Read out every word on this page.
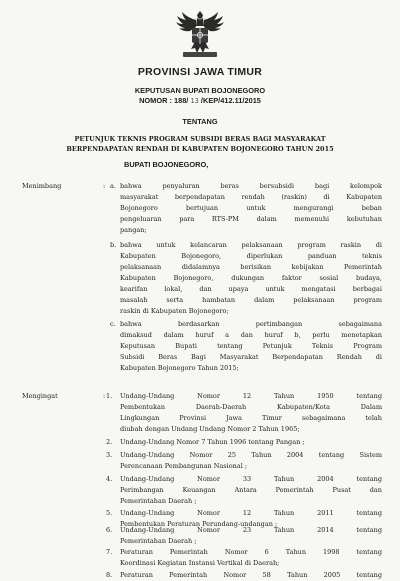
PROVINSI JAWA TIMUR
KEPUTUSAN BUPATI BOJONEGORO
NOMOR : 188/ 13 /KEP/412.11/2015
TENTANG
PETUNJUK TEKNIS PROGRAM SUBSIDI BERAS BAGI MASYARAKAT
BERPENDAPATAN RENDAH DI KABUPATEN BOJONEGORO TAHUN 2015
BUPATI BOJONEGORO,
Menimbang	: a. bahwa penyaluran beras bersubsidi bagi kelompok

masyarakat berpendapatan rendah (raskin) di Kabupaten

Bojonegoro bertujuan untuk mengurangi beban

pengeluaran para RTS-PM dalam memenuhi kebutuhan

pangan;

b. bahwa untuk kelancaran pelaksanaan program raskin di

Kabupaten Bojonegoro, diperlukan panduan teknis

pelaksanaan didalamnya berisikan kebijakan Pemerintah

Kabupaten Bojonegoro, dukungan faktor sosial budaya,

kearifan lokal, dan upaya untuk mengatasi berbagai

masalah serta hambatan dalam pelaksanaan program

raskin di Kabupaten Bojonegoro;

c. bahwa berdasarkan pertimbangan sebagaimana

dimaksud dalam huruf a dan huruf b, perlu menetapkan

Keputusan Bupati tentang Petunjuk Teknis Program

Subsidi Beras Bagi Masyarakat Berpendapatan Rendah di

Kabupaten Bojonegoro Tahun 2015;

Mengingat	: 1. Undang-Undang Nomor 12 Tahun 1950 tentang

Pembentukan Daerah-Daerah Kabupaten/Kota Dalam

Lingkungan Provinsi Jawa Timur sebagaimana telah

diubah dengan Undang Undang Nomor 2 Tahun 1965;

2. Undang-Undang Nomor 7 Tahun 1996 tentang Pangan ;

3. Undang-Undang Nomor 25 Tahun 2004 tentang Sistem

Perencanaan Pembangunan Nasional ;

4. Undang-Undang Nomor 33 Tahun 2004 tentang

Perimbangan Keuangan Antara Pemerintah Pusat dan

Pemerintahan Daerah ;

5. Undang-Undang Nomor 12 Tahun 2011 tentang

Pembentukan Peraturan Perundang-undangan ;

6. Undang-Undang Nomor 23 Tahun 2014 tentang

Pemerintahan Daerah ;

7. Peraturan Pemerintah Nomor 6 Tahun 1998 tentang

Koordinasi Kegiatan Instansi Vertikal di Daerah;

8. Peraturan Pemerintah Nomor 58 Tahun 2005 tentang
